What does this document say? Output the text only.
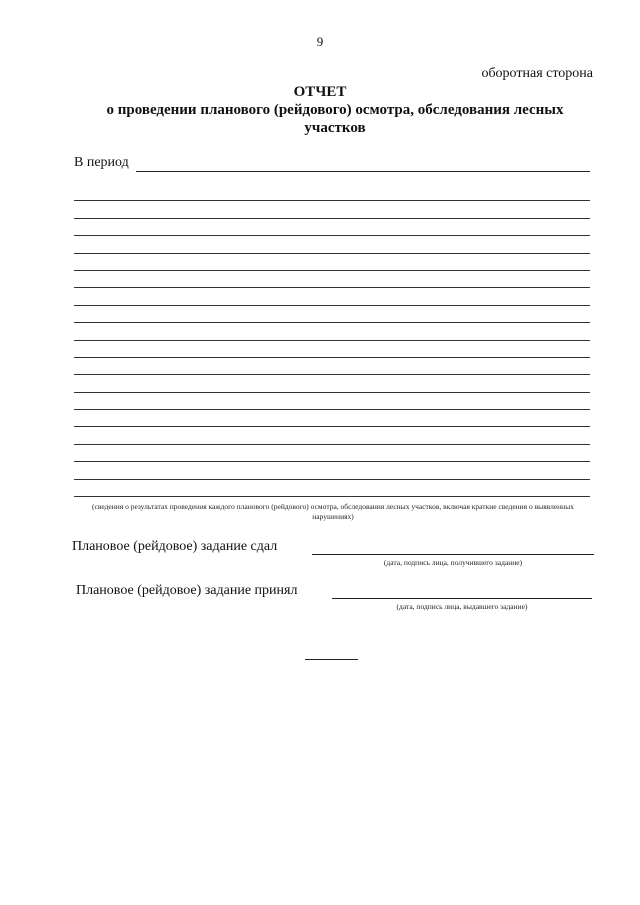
9
оборотная сторона
ОТЧЕТ
о проведении планового (рейдового) осмотра, обследования лесных участков
В период
(сведения о результатах проведения каждого планового (рейдового) осмотра, обследования лесных участков, включая краткие сведения о выявленных нарушениях)
Плановое (рейдовое) задание сдал
(дата, подпись лица, получившего задание)
Плановое (рейдовое) задание принял
(дата, подпись лица, выдавшего задание)
